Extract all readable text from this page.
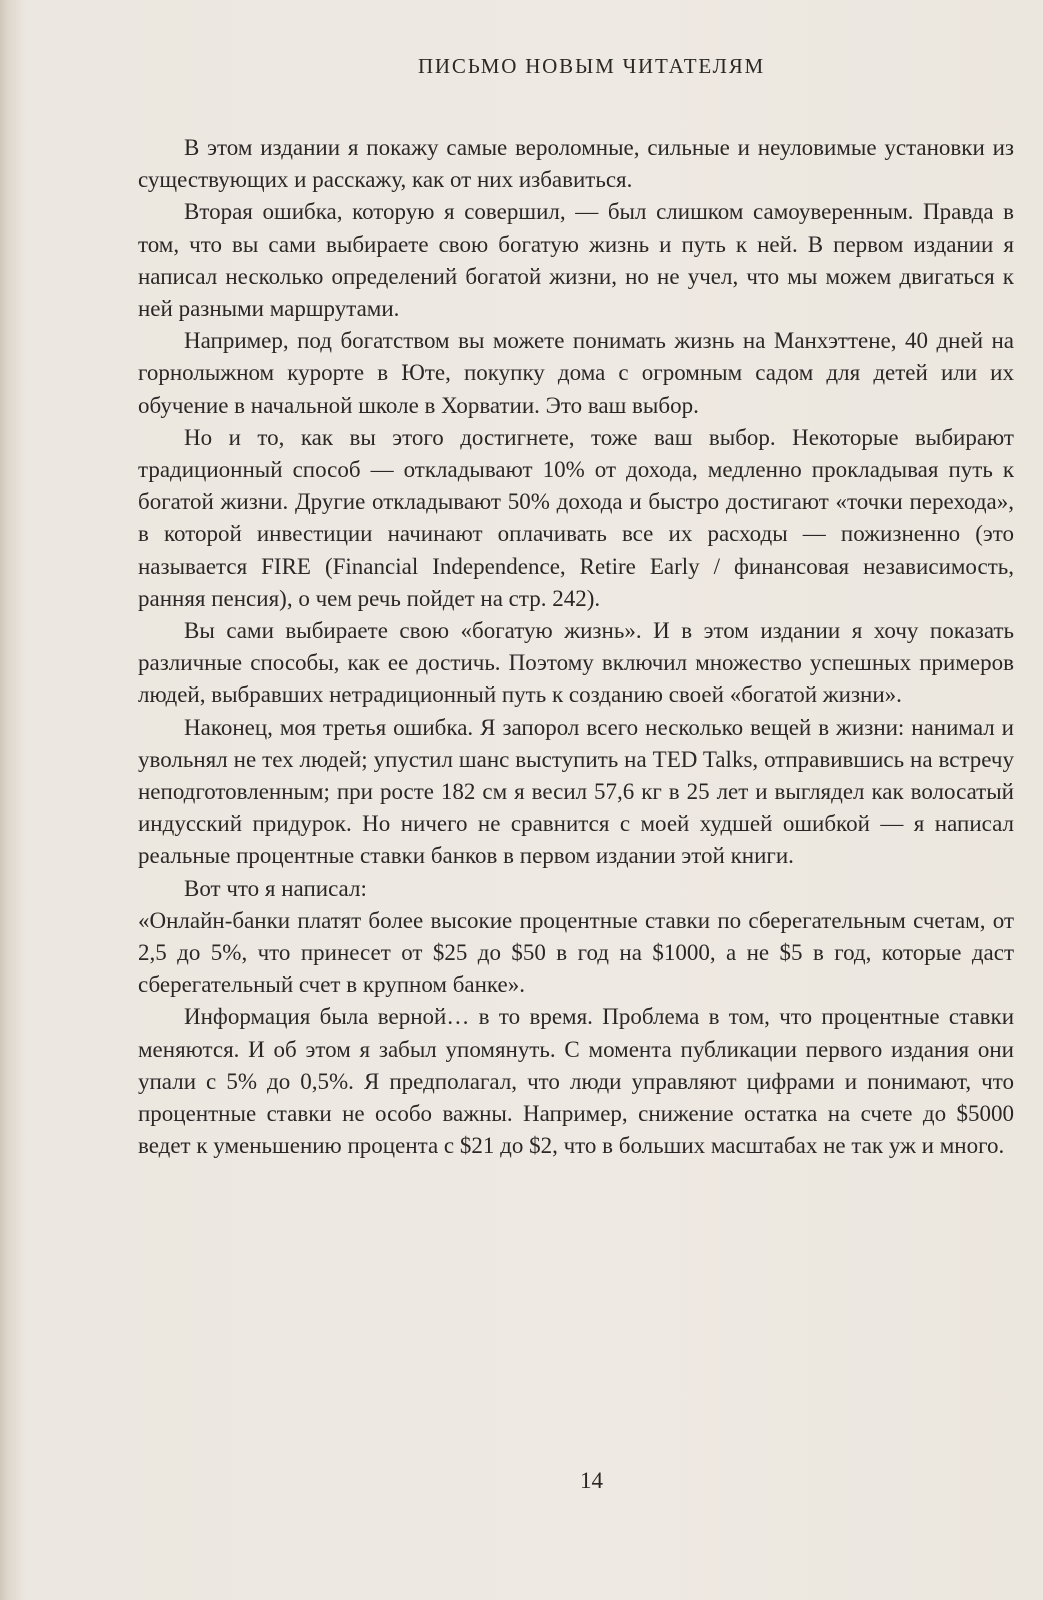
ПИСЬМО НОВЫМ ЧИТАТЕЛЯМ

В этом издании я покажу самые вероломные, сильные и неуловимые установки из существующих и расскажу, как от них избавиться.

Вторая ошибка, которую я совершил, — был слишком самоуверенным. Правда в том, что вы сами выбираете свою богатую жизнь и путь к ней. В первом издании я написал несколько определений богатой жизни, но не учел, что мы можем двигаться к ней разными маршрутами.

Например, под богатством вы можете понимать жизнь на Манхэттене, 40 дней на горнолыжном курорте в Юте, покупку дома с огромным садом для детей или их обучение в начальной школе в Хорватии. Это ваш выбор.

Но и то, как вы этого достигнете, тоже ваш выбор. Некоторые выбирают традиционный способ — откладывают 10% от дохода, медленно прокладывая путь к богатой жизни. Другие откладывают 50% дохода и быстро достигают «точки перехода», в которой инвестиции начинают оплачивать все их расходы — пожизненно (это называется FIRE (Financial Independence, Retire Early / финансовая независимость, ранняя пенсия), о чем речь пойдет на стр. 242).

Вы сами выбираете свою «богатую жизнь». И в этом издании я хочу показать различные способы, как ее достичь. Поэтому включил множество успешных примеров людей, выбравших нетрадиционный путь к созданию своей «богатой жизни».

Наконец, моя третья ошибка. Я запорол всего несколько вещей в жизни: нанимал и увольнял не тех людей; упустил шанс выступить на TED Talks, отправившись на встречу неподготовленным; при росте 182 см я весил 57,6 кг в 25 лет и выглядел как волосатый индусский придурок. Но ничего не сравнится с моей худшей ошибкой — я написал реальные процентные ставки банков в первом издании этой книги.

Вот что я написал:

«Онлайн-банки платят более высокие процентные ставки по сберегательным счетам, от 2,5 до 5%, что принесет от $25 до $50 в год на $1000, а не $5 в год, которые даст сберегательный счет в крупном банке».

Информация была верной… в то время. Проблема в том, что процентные ставки меняются. И об этом я забыл упомянуть. С момента публикации первого издания они упали с 5% до 0,5%. Я предполагал, что люди управляют цифрами и понимают, что процентные ставки не особо важны. Например, снижение остатка на счете до $5000 ведет к уменьшению процента с $21 до $2, что в больших масштабах не так уж и много.

14
